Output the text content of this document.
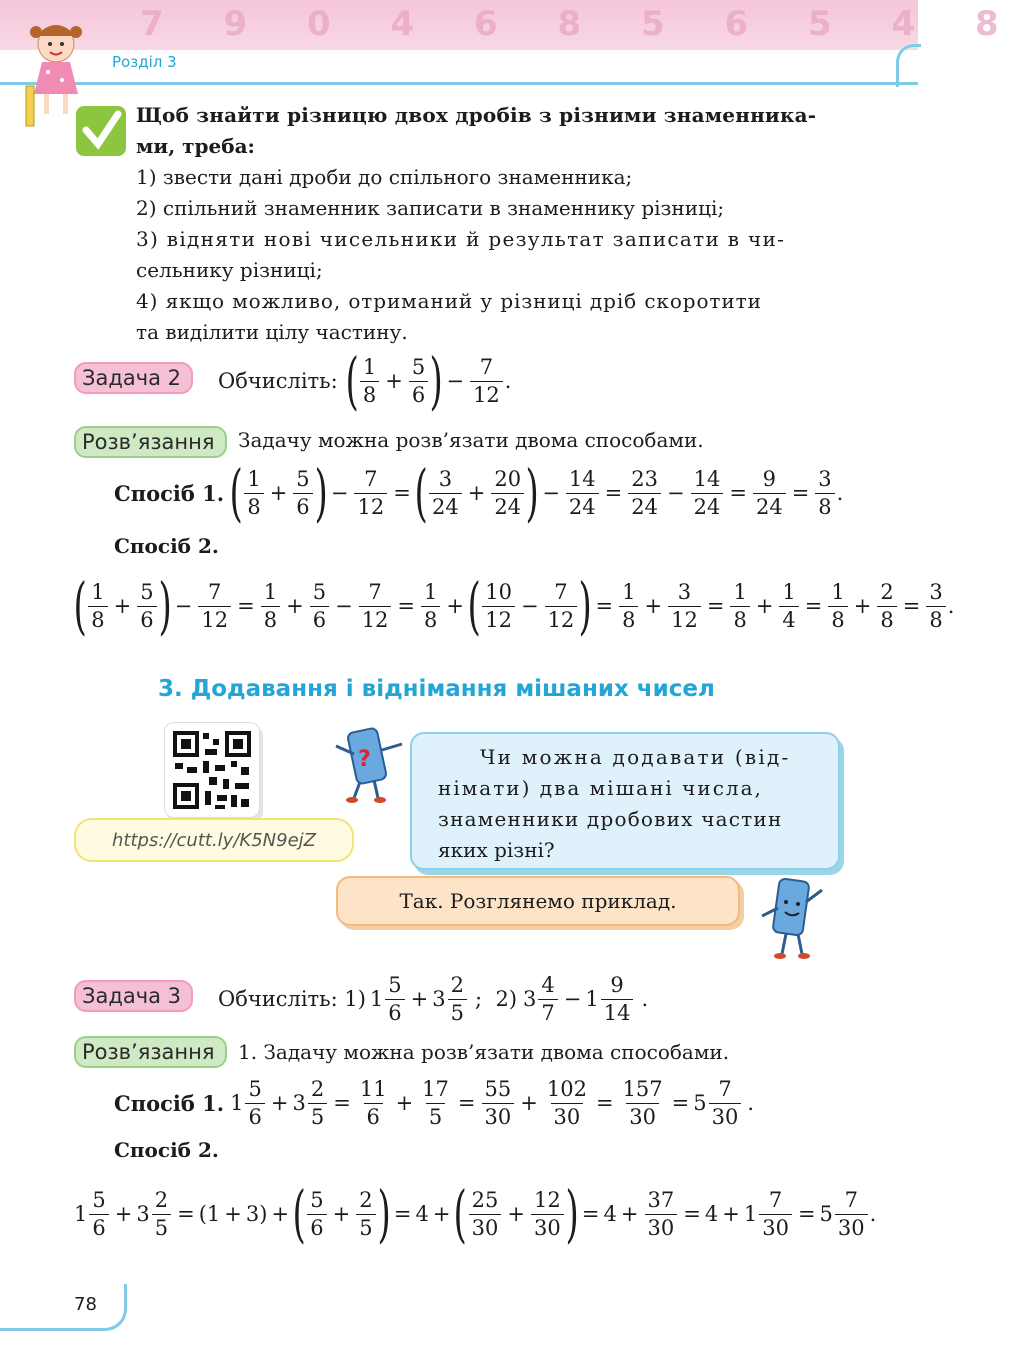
7 9 0 4 6 8 5 6 5 4 8
Розділ 3

Щоб знайти різницю двох дробів з різними знаменника-

ми, треба:

1) звести дані дроби до спільного знаменника;

2) спільний знаменник записати в знаменнику різниці;

3) відняти нові чисельники й результат записати в чи-

сельнику різниці;

4) якщо можливо, отриманий у різниці дріб скоротити

та виділити цілу частину.

Задача 2	Обчисліть: ( $\frac{1}{8} + \frac{5}{6}$ ) − $\frac{7}{12}$ .
Розв’язання	Задачу можна розв’язати двома способами.
Спосіб 1. ( $\frac{1}{8} + \frac{5}{6}$ ) − $\frac{7}{12}$ = ( $\frac{3}{24} + \frac{20}{24}$ ) − $\frac{14}{24} = \frac{23}{24} - \frac{14}{24} = \frac{9}{24} = \frac{3}{8}$ .
Спосіб 2.
( $\frac{1}{8} + \frac{5}{6}$ ) − $\frac{7}{12} = \frac{1}{8} + \frac{5}{6} - \frac{7}{12} = \frac{1}{8}$ + ( $\frac{10}{12} - \frac{7}{12}$ ) = $\frac{1}{8} + \frac{3}{12} = \frac{1}{8} + \frac{1}{4} = \frac{1}{8} + \frac{2}{8} = \frac{3}{8}$ .
3. Додавання і віднімання мішаних чисел
https://cutt.ly/K5N9ejZ
?	Чи можна додавати (від-
німати) два мішані числа,
знаменники дробових частин
яких різні?
Так. Розглянемо приклад.
Задача 3	Обчисліть: 1) $1 \frac{5}{6} + 3 \frac{2}{5}$ ;  2) $3 \frac{4}{7} - 1 \frac{9}{14}$ .
Розв’язання	1. Задачу можна розв’язати двома способами.
Спосіб 1. $1 \frac{5}{6} + 3 \frac{2}{5} = \frac{11}{6} + \frac{17}{5} = \frac{55}{30} + \frac{102}{30} = \frac{157}{30} = 5 \frac{7}{30}$ .
Спосіб 2.
$1 \frac{5}{6} + 3 \frac{2}{5} = (1 + 3)$ + ( $\frac{5}{6} + \frac{2}{5}$ ) = 4 + ( $\frac{25}{30} + \frac{12}{30}$ ) = $4 + \frac{37}{30} = 4 + 1 \frac{7}{30} = 5 \frac{7}{30}$ .
78
